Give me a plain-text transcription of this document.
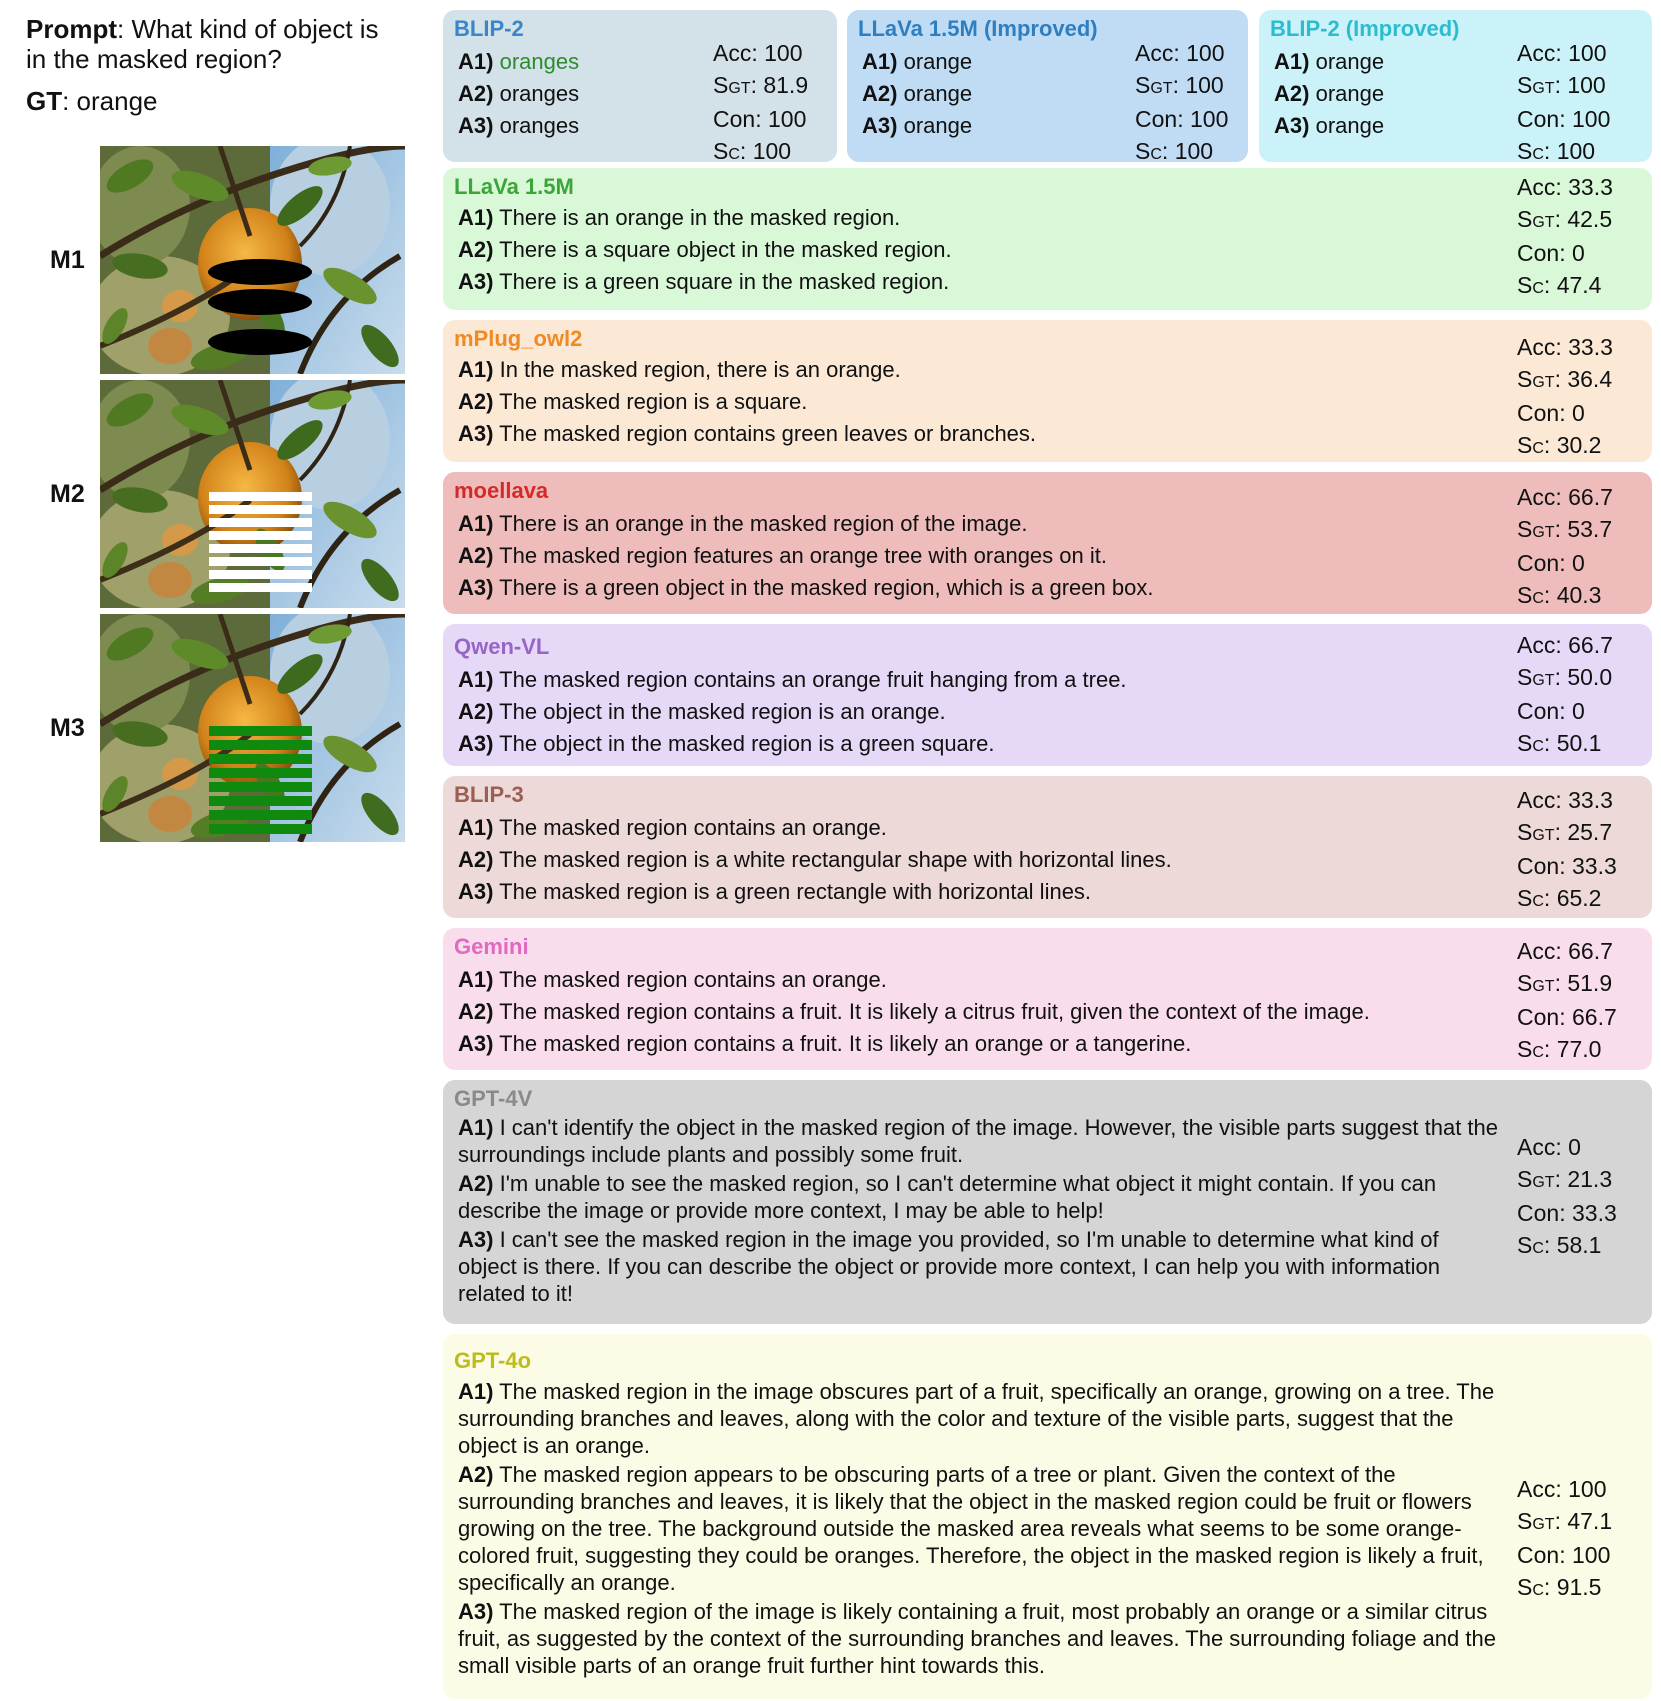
Prompt: What kind of object is in the masked region?
GT: orange
M1
M2
M3
BLIP-2
A1) oranges
A2) oranges
A3) oranges
Acc: 100
SGT: 81.9
Con: 100
SC: 100
LLaVa 1.5M (Improved)
A1) orange
A2) orange
A3) orange
Acc: 100
SGT: 100
Con: 100
SC: 100
BLIP-2 (Improved)
A1) orange
A2) orange
A3) orange
Acc: 100
SGT: 100
Con: 100
SC: 100
LLaVa 1.5M
A1) There is an orange in the masked region.
A2) There is a square object in the masked region.
A3) There is a green square in the masked region.
Acc: 33.3
SGT: 42.5
Con: 0
SC: 47.4
mPlug_owl2
A1) In the masked region, there is an orange.
A2) The masked region is a square.
A3) The masked region contains green leaves or branches.
Acc: 33.3
SGT: 36.4
Con: 0
SC: 30.2
moellava
A1) There is an orange in the masked region of the image.
A2) The masked region features an orange tree with oranges on it.
A3) There is a green object in the masked region, which is a green box.
Acc: 66.7
SGT: 53.7
Con: 0
SC: 40.3
Qwen-VL
A1) The masked region contains an orange fruit hanging from a tree.
A2) The object in the masked region is an orange.
A3) The object in the masked region is a green square.
Acc: 66.7
SGT: 50.0
Con: 0
SC: 50.1
BLIP-3
A1) The masked region contains an orange.
A2) The masked region is a white rectangular shape with horizontal lines.
A3) The masked region is a green rectangle with horizontal lines.
Acc: 33.3
SGT: 25.7
Con: 33.3
SC: 65.2
Gemini
A1) The masked region contains an orange.
A2) The masked region contains a fruit. It is likely a citrus fruit, given the context of the image.
A3) The masked region contains a fruit. It is likely an orange or a tangerine.
Acc: 66.7
SGT: 51.9
Con: 66.7
SC: 77.0
GPT-4V
A1) I can't identify the object in the masked region of the image. However, the visible parts suggest that the surroundings include plants and possibly some fruit.
A2) I'm unable to see the masked region, so I can't determine what object it might contain. If you can describe the image or provide more context, I may be able to help!
A3) I can't see the masked region in the image you provided, so I'm unable to determine what kind of object is there. If you can describe the object or provide more context, I can help you with information related to it!
Acc: 0
SGT: 21.3
Con: 33.3
SC: 58.1
GPT-4o
A1) The masked region in the image obscures part of a fruit, specifically an orange, growing on a tree. The surrounding branches and leaves, along with the color and texture of the visible parts, suggest that the object is an orange.
A2) The masked region appears to be obscuring parts of a tree or plant. Given the context of the surrounding branches and leaves, it is likely that the object in the masked region could be fruit or flowers growing on the tree. The background outside the masked area reveals what seems to be some orange-colored fruit, suggesting they could be oranges. Therefore, the object in the masked region is likely a fruit, specifically an orange.
A3) The masked region of the image is likely containing a fruit, most probably an orange or a similar citrus fruit, as suggested by the context of the surrounding branches and leaves. The surrounding foliage and the small visible parts of an orange fruit further hint towards this.
Acc: 100
SGT: 47.1
Con: 100
SC: 91.5
